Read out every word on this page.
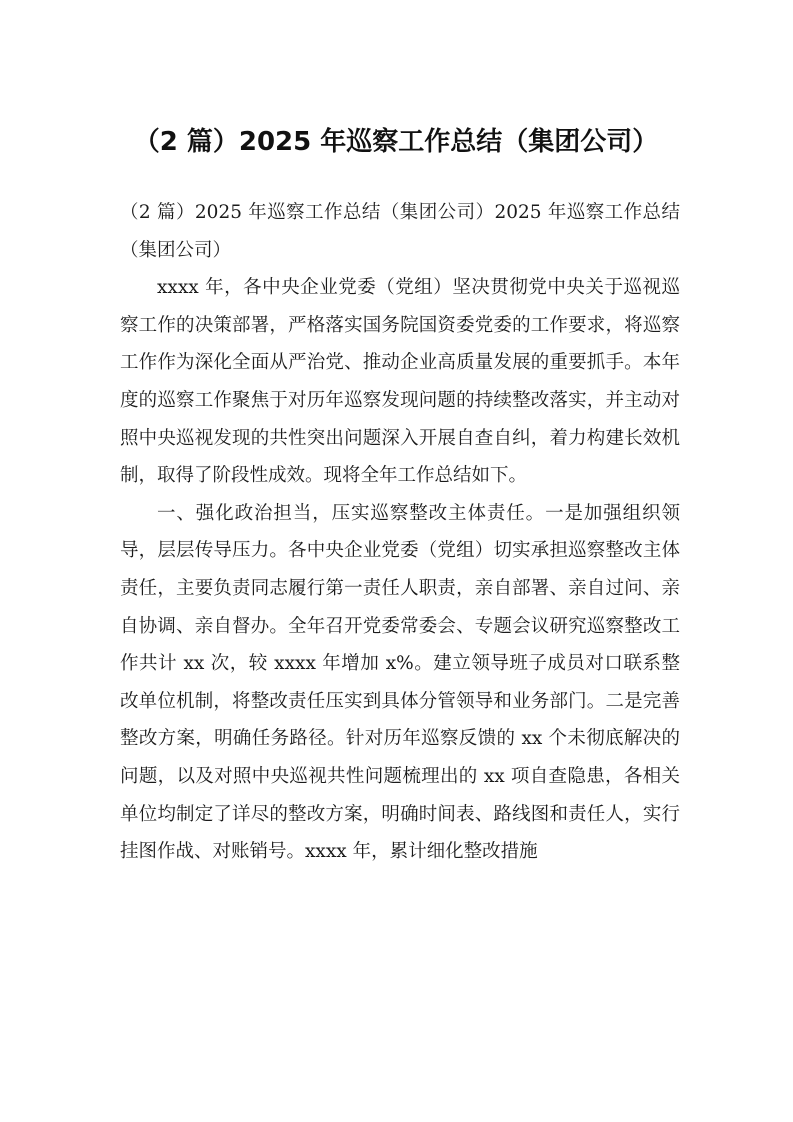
（2 篇）2025 年巡察工作总结（集团公司）

（2 篇）2025 年巡察工作总结（集团公司）2025 年巡察工作总结（集团公司）

xxxx 年，各中央企业党委（党组）坚决贯彻党中央关于巡视巡察工作的决策部署，严格落实国务院国资委党委的工作要求，将巡察工作作为深化全面从严治党、推动企业高质量发展的重要抓手。本年度的巡察工作聚焦于对历年巡察发现问题的持续整改落实，并主动对照中央巡视发现的共性突出问题深入开展自查自纠，着力构建长效机制，取得了阶段性成效。现将全年工作总结如下。

一、强化政治担当，压实巡察整改主体责任。一是加强组织领导，层层传导压力。各中央企业党委（党组）切实承担巡察整改主体责任，主要负责同志履行第一责任人职责，亲自部署、亲自过问、亲自协调、亲自督办。全年召开党委常委会、专题会议研究巡察整改工作共计 xx 次，较 xxxx 年增加 x%。建立领导班子成员对口联系整改单位机制，将整改责任压实到具体分管领导和业务部门。二是完善整改方案，明确任务路径。针对历年巡察反馈的 xx 个未彻底解决的问题，以及对照中央巡视共性问题梳理出的 xx 项自查隐患，各相关单位均制定了详尽的整改方案，明确时间表、路线图和责任人，实行挂图作战、对账销号。xxxx 年，累计细化整改措施
